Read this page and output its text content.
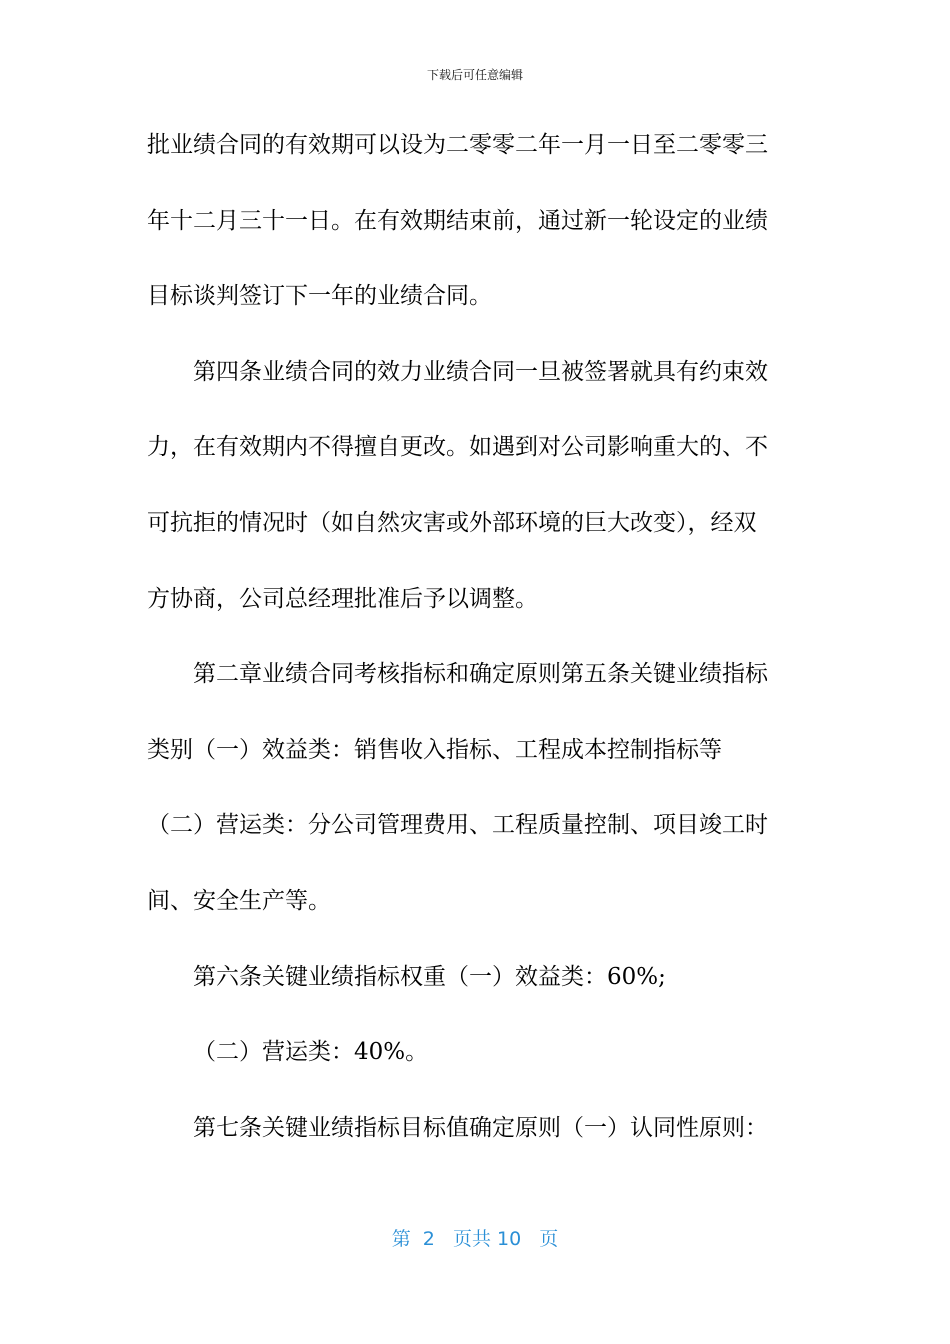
下载后可任意编辑
批业绩合同的有效期可以设为二零零二年一月一日至二零零三
年十二月三十一日。在有效期结束前，通过新一轮设定的业绩
目标谈判签订下一年的业绩合同。
第四条业绩合同的效力业绩合同一旦被签署就具有约束效
力，在有效期内不得擅自更改。如遇到对公司影响重大的、不
可抗拒的情况时（如自然灾害或外部环境的巨大改变），经双
方协商，公司总经理批准后予以调整。
第二章业绩合同考核指标和确定原则第五条关键业绩指标
类别（一）效益类：销售收入指标、工程成本控制指标等
（二）营运类：分公司管理费用、工程质量控制、项目竣工时
间、安全生产等。
第六条关键业绩指标权重（一）效益类：60%;
（二）营运类：40%。
第七条关键业绩指标目标值确定原则（一）认同性原则：
第  2   页共 10   页
